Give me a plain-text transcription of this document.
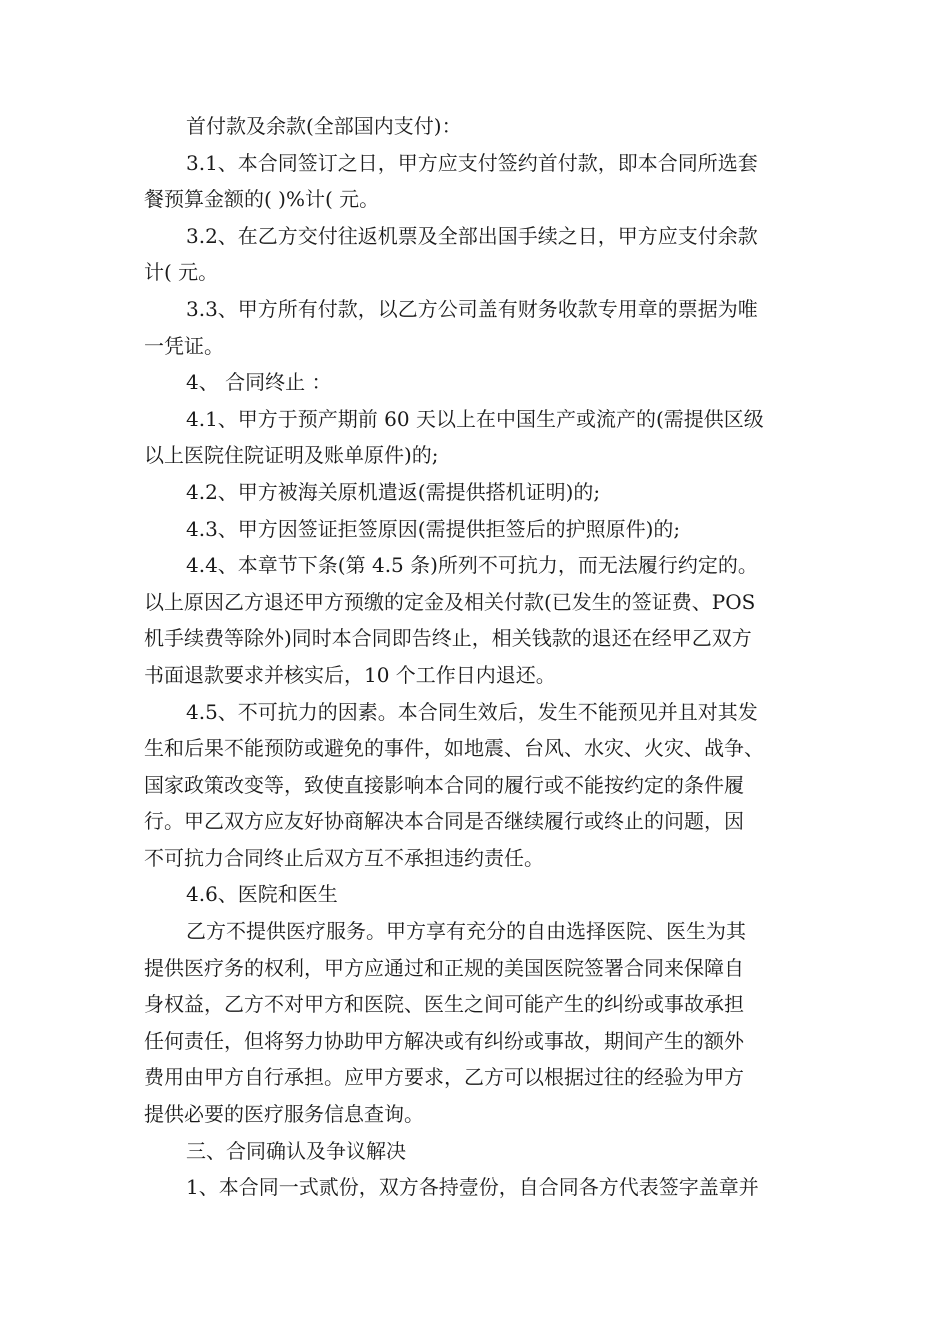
首付款及余款(全部国内支付)：
3.1、本合同签订之日，甲方应支付签约首付款，即本合同所选套
餐预算金额的( )%计( 元。
3.2、在乙方交付往返机票及全部出国手续之日，甲方应支付余款
计( 元。
3.3、甲方所有付款，以乙方公司盖有财务收款专用章的票据为唯
一凭证。
4、 合同终止 ：
4.1、甲方于预产期前 60 天以上在中国生产或流产的(需提供区级
以上医院住院证明及账单原件)的;
4.2、甲方被海关原机遣返(需提供搭机证明)的;
4.3、甲方因签证拒签原因(需提供拒签后的护照原件)的;
4.4、本章节下条(第 4.5 条)所列不可抗力，而无法履行约定的。
以上原因乙方退还甲方预缴的定金及相关付款(已发生的签证费、POS
机手续费等除外)同时本合同即告终止，相关钱款的退还在经甲乙双方
书面退款要求并核实后，10 个工作日内退还。
4.5、不可抗力的因素。本合同生效后，发生不能预见并且对其发
生和后果不能预防或避免的事件，如地震、台风、水灾、火灾、战争、
国家政策改变等，致使直接影响本合同的履行或不能按约定的条件履
行。甲乙双方应友好协商解决本合同是否继续履行或终止的问题，因
不可抗力合同终止后双方互不承担违约责任。
4.6、医院和医生
乙方不提供医疗服务。甲方享有充分的自由选择医院、医生为其
提供医疗务的权利，甲方应通过和正规的美国医院签署合同来保障自
身权益，乙方不对甲方和医院、医生之间可能产生的纠纷或事故承担
任何责任，但将努力协助甲方解决或有纠纷或事故，期间产生的额外
费用由甲方自行承担。应甲方要求，乙方可以根据过往的经验为甲方
提供必要的医疗服务信息查询。
三、合同确认及争议解决
1、本合同一式贰份，双方各持壹份，自合同各方代表签字盖章并
